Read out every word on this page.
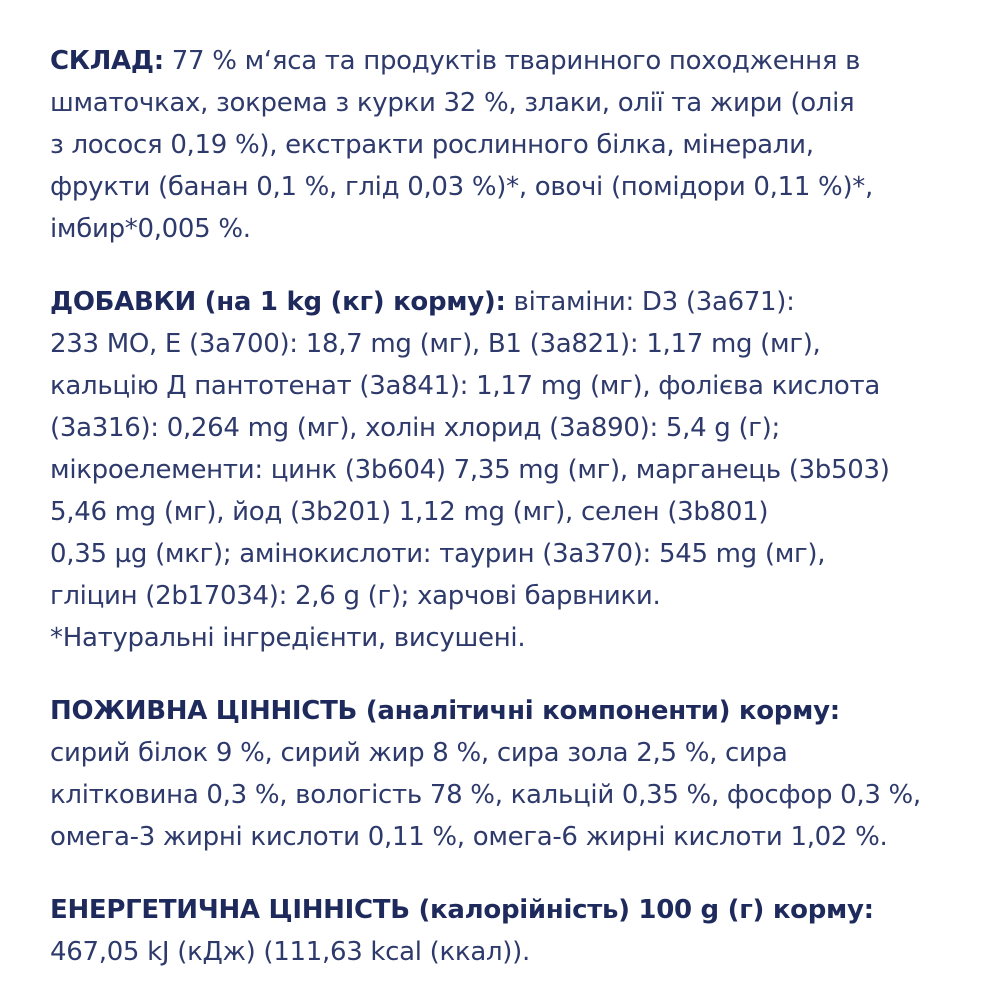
СКЛАД: 77 % м‘яса та продуктів тваринного походження в
шматочках, зокрема з курки 32 %, злаки, олії та жири (олія
з лосося 0,19 %), екстракти рослинного білка, мінерали,
фрукти (банан 0,1 %, глід 0,03 %)*, овочі (помідори 0,11 %)*,
імбир*0,005 %.

ДОБАВКИ (на 1 kg (кг) корму): вітаміни: D3 (3а671):
233 МО, Е (3а700): 18,7 mg (мг), В1 (3а821): 1,17 mg (мг),
кальцію Д пантотенат (3а841): 1,17 mg (мг), фолієва кислота
(3а316): 0,264 mg (мг), холін хлорид (3а890): 5,4 g (г);
мікроелементи: цинк (3b604) 7,35 mg (мг), марганець (3b503)
5,46 mg (мг), йод (3b201) 1,12 mg (мг), селен (3b801)
0,35 µg (мкг); амінокислоти: таурин (3а370): 545 mg (мг),
гліцин (2b17034): 2,6 g (г); харчові барвники.
*Натуральні інгредієнти, висушені.

ПОЖИВНА ЦІННІСТЬ (аналітичні компоненти) корму:
сирий білок 9 %, сирий жир 8 %, сира зола 2,5 %, сира
клітковина 0,3 %, вологість 78 %, кальцій 0,35 %, фосфор 0,3 %,
омега-3 жирні кислоти 0,11 %, омега-6 жирні кислоти 1,02 %.

ЕНЕРГЕТИЧНА ЦІННІСТЬ (калорійність) 100 g (г) корму:
467,05 kJ (кДж) (111,63 kcal (ккал)).
